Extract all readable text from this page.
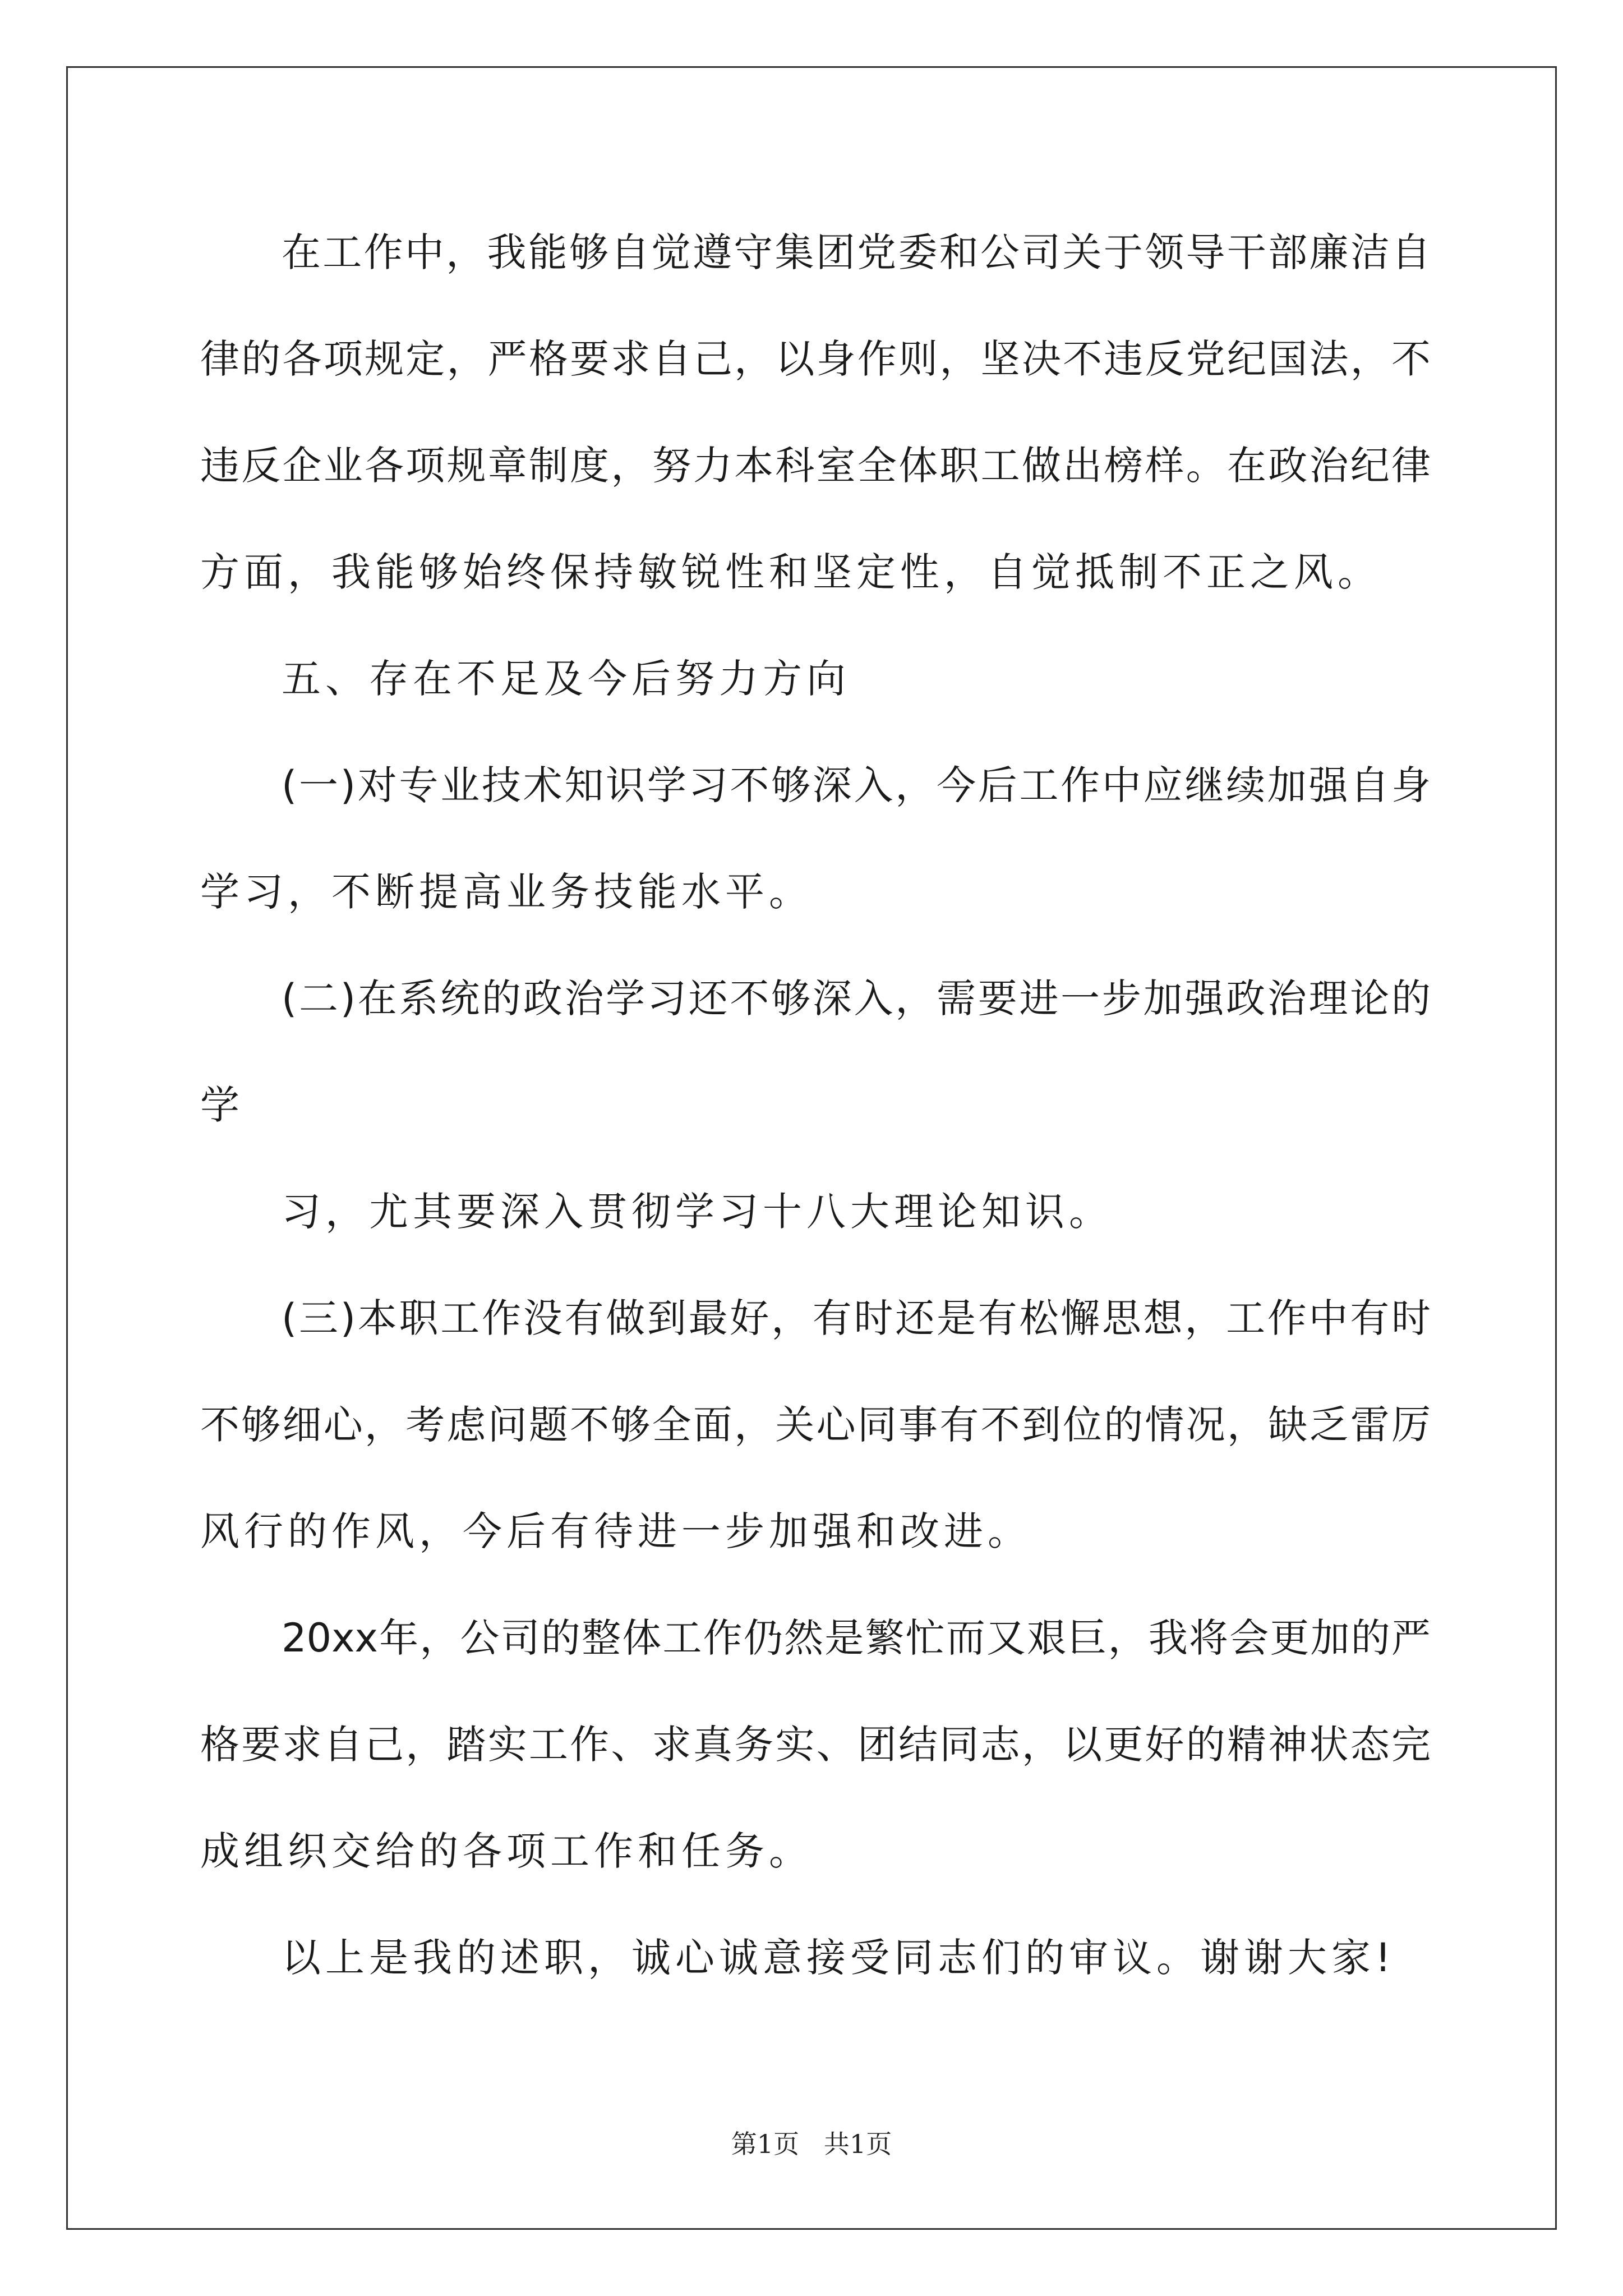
在工作中，我能够自觉遵守集团党委和公司关于领导干部廉洁自
律的各项规定，严格要求自己，以身作则，坚决不违反党纪国法，不
违反企业各项规章制度，努力本科室全体职工做出榜样。在政治纪律
方面，我能够始终保持敏锐性和坚定性，自觉抵制不正之风。
五、存在不足及今后努力方向
(一)对专业技术知识学习不够深入，今后工作中应继续加强自身
学习，不断提高业务技能水平。
(二)在系统的政治学习还不够深入，需要进一步加强政治理论的
学
习，尤其要深入贯彻学习十八大理论知识。
(三)本职工作没有做到最好，有时还是有松懈思想，工作中有时
不够细心，考虑问题不够全面，关心同事有不到位的情况，缺乏雷厉
风行的作风，今后有待进一步加强和改进。
20xx年，公司的整体工作仍然是繁忙而又艰巨，我将会更加的严
格要求自己，踏实工作、求真务实、团结同志，以更好的精神状态完
成组织交给的各项工作和任务。
以上是我的述职，诚心诚意接受同志们的审议。谢谢大家!
第1页   共1页
